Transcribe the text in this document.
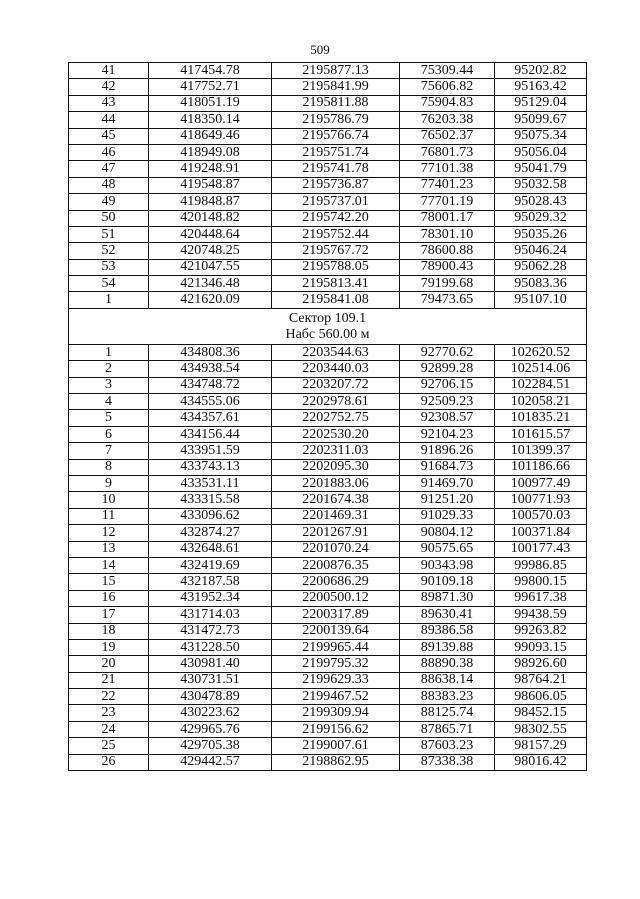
509
41	417454.78	2195877.13	75309.44	95202.82
42	417752.71	2195841.99	75606.82	95163.42
43	418051.19	2195811.88	75904.83	95129.04
44	418350.14	2195786.79	76203.38	95099.67
45	418649.46	2195766.74	76502.37	95075.34
46	418949.08	2195751.74	76801.73	95056.04
47	419248.91	2195741.78	77101.38	95041.79
48	419548.87	2195736.87	77401.23	95032.58
49	419848.87	2195737.01	77701.19	95028.43
50	420148.82	2195742.20	78001.17	95029.32
51	420448.64	2195752.44	78301.10	95035.26
52	420748.25	2195767.72	78600.88	95046.24
53	421047.55	2195788.05	78900.43	95062.28
54	421346.48	2195813.41	79199.68	95083.36
1	421620.09	2195841.08	79473.65	95107.10

Сектор 109.1
Набс 560.00 м				

1	434808.36	2203544.63	92770.62	102620.52
2	434938.54	2203440.03	92899.28	102514.06
3	434748.72	2203207.72	92706.15	102284.51
4	434555.06	2202978.61	92509.23	102058.21
5	434357.61	2202752.75	92308.57	101835.21
6	434156.44	2202530.20	92104.23	101615.57
7	433951.59	2202311.03	91896.26	101399.37
8	433743.13	2202095.30	91684.73	101186.66
9	433531.11	2201883.06	91469.70	100977.49
10	433315.58	2201674.38	91251.20	100771.93
11	433096.62	2201469.31	91029.33	100570.03
12	432874.27	2201267.91	90804.12	100371.84
13	432648.61	2201070.24	90575.65	100177.43
14	432419.69	2200876.35	90343.98	99986.85
15	432187.58	2200686.29	90109.18	99800.15
16	431952.34	2200500.12	89871.30	99617.38
17	431714.03	2200317.89	89630.41	99438.59
18	431472.73	2200139.64	89386.58	99263.82
19	431228.50	2199965.44	89139.88	99093.15
20	430981.40	2199795.32	88890.38	98926.60
21	430731.51	2199629.33	88638.14	98764.21
22	430478.89	2199467.52	88383.23	98606.05
23	430223.62	2199309.94	88125.74	98452.15
24	429965.76	2199156.62	87865.71	98302.55
25	429705.38	2199007.61	87603.23	98157.29
26	429442.57	2198862.95	87338.38	98016.42
